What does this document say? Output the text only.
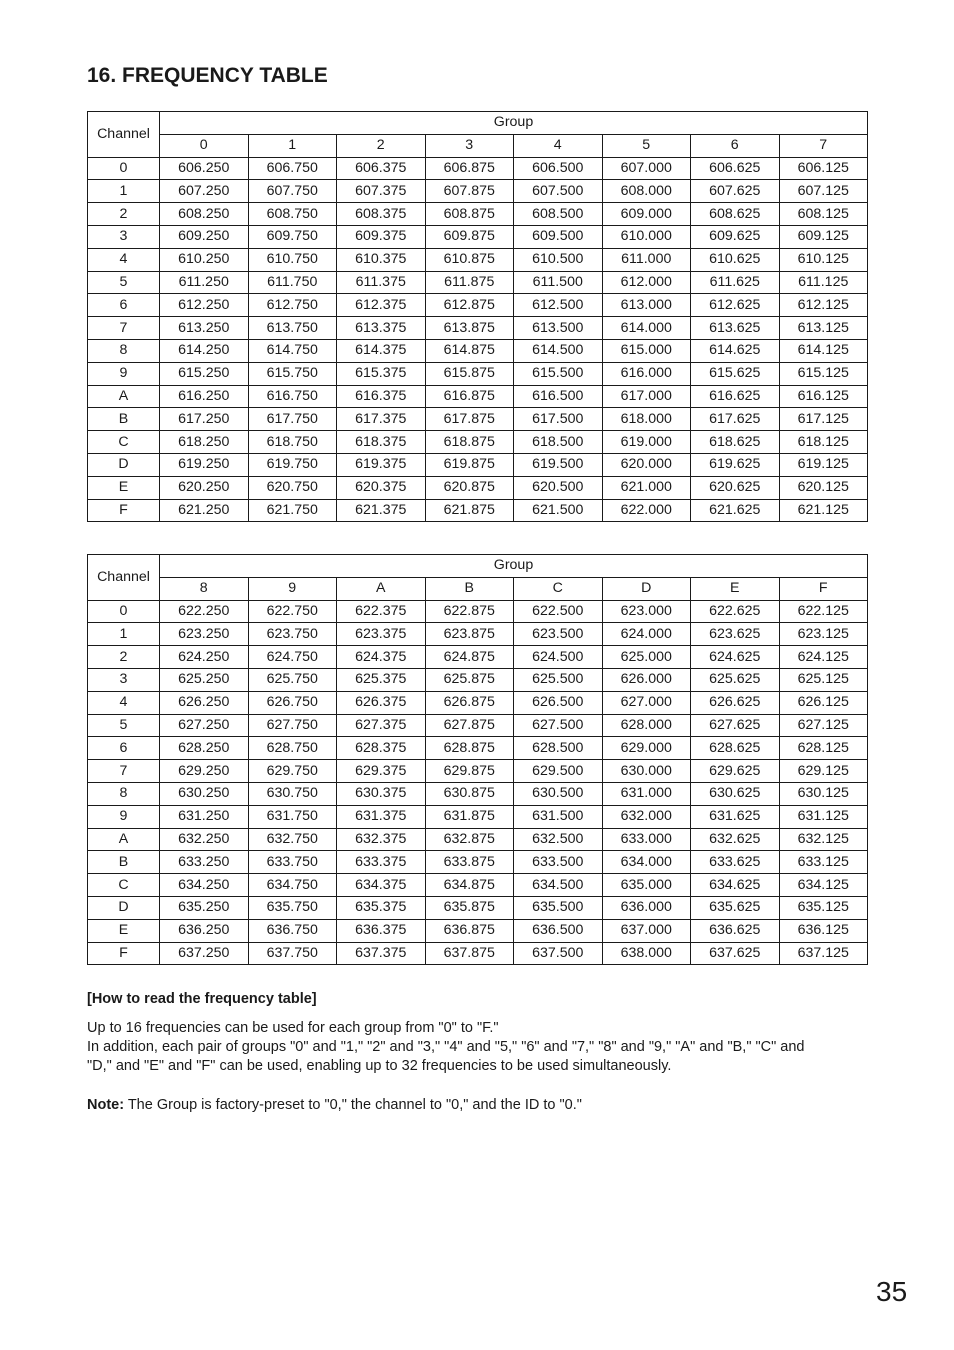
16. FREQUENCY TABLE
Channel	Group							
	0	1	2	3	4	5	6	7
0	606.250	606.750	606.375	606.875	606.500	607.000	606.625	606.125
1	607.250	607.750	607.375	607.875	607.500	608.000	607.625	607.125
2	608.250	608.750	608.375	608.875	608.500	609.000	608.625	608.125
3	609.250	609.750	609.375	609.875	609.500	610.000	609.625	609.125
4	610.250	610.750	610.375	610.875	610.500	611.000	610.625	610.125
5	611.250	611.750	611.375	611.875	611.500	612.000	611.625	611.125
6	612.250	612.750	612.375	612.875	612.500	613.000	612.625	612.125
7	613.250	613.750	613.375	613.875	613.500	614.000	613.625	613.125
8	614.250	614.750	614.375	614.875	614.500	615.000	614.625	614.125
9	615.250	615.750	615.375	615.875	615.500	616.000	615.625	615.125
A	616.250	616.750	616.375	616.875	616.500	617.000	616.625	616.125
B	617.250	617.750	617.375	617.875	617.500	618.000	617.625	617.125
C	618.250	618.750	618.375	618.875	618.500	619.000	618.625	618.125
D	619.250	619.750	619.375	619.875	619.500	620.000	619.625	619.125
E	620.250	620.750	620.375	620.875	620.500	621.000	620.625	620.125
F	621.250	621.750	621.375	621.875	621.500	622.000	621.625	621.125
Channel	Group							
	8	9	A	B	C	D	E	F
0	622.250	622.750	622.375	622.875	622.500	623.000	622.625	622.125
1	623.250	623.750	623.375	623.875	623.500	624.000	623.625	623.125
2	624.250	624.750	624.375	624.875	624.500	625.000	624.625	624.125
3	625.250	625.750	625.375	625.875	625.500	626.000	625.625	625.125
4	626.250	626.750	626.375	626.875	626.500	627.000	626.625	626.125
5	627.250	627.750	627.375	627.875	627.500	628.000	627.625	627.125
6	628.250	628.750	628.375	628.875	628.500	629.000	628.625	628.125
7	629.250	629.750	629.375	629.875	629.500	630.000	629.625	629.125
8	630.250	630.750	630.375	630.875	630.500	631.000	630.625	630.125
9	631.250	631.750	631.375	631.875	631.500	632.000	631.625	631.125
A	632.250	632.750	632.375	632.875	632.500	633.000	632.625	632.125
B	633.250	633.750	633.375	633.875	633.500	634.000	633.625	633.125
C	634.250	634.750	634.375	634.875	634.500	635.000	634.625	634.125
D	635.250	635.750	635.375	635.875	635.500	636.000	635.625	635.125
E	636.250	636.750	636.375	636.875	636.500	637.000	636.625	636.125
F	637.250	637.750	637.375	637.875	637.500	638.000	637.625	637.125

[How to read the frequency table]

Up to 16 frequencies can be used for each group from "0" to "F."
In addition, each pair of groups "0" and "1," "2" and "3," "4" and "5," "6" and "7," "8" and "9," "A" and "B," "C" and
"D," and "E" and "F" can be used, enabling up to 32 frequencies to be used simultaneously.

Note: The Group is factory-preset to "0," the channel to "0," and the ID to "0."

35
